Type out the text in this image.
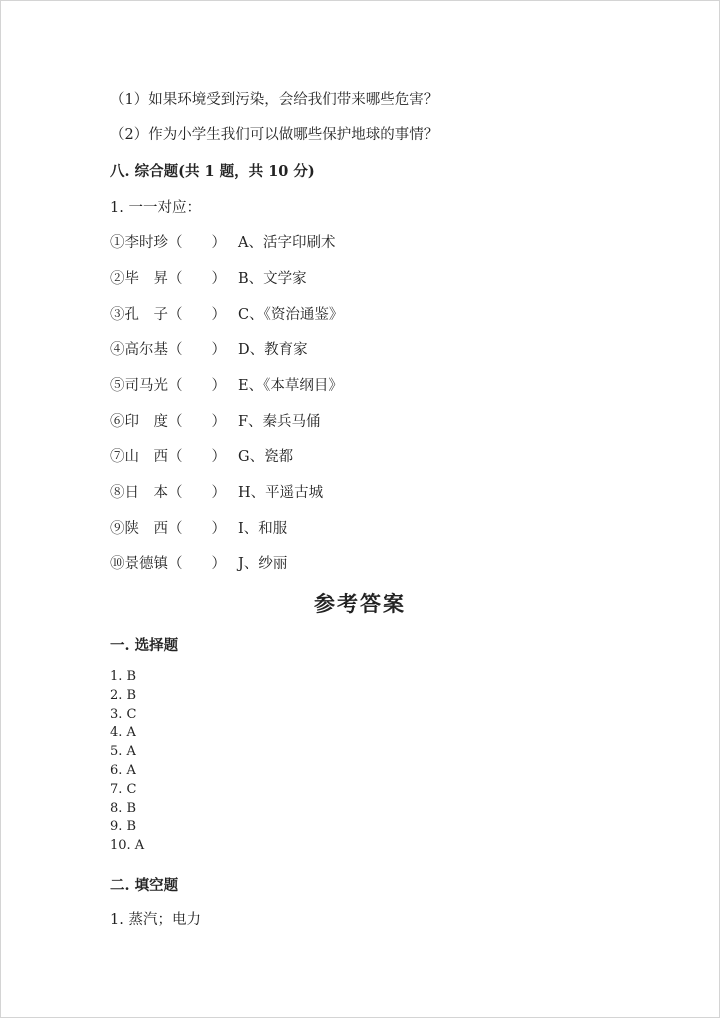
（1）如果环境受到污染，会给我们带来哪些危害？
（2）作为小学生我们可以做哪些保护地球的事情？
八. 综合题(共 1 题，共 10 分)
1. 一一对应：
①李时珍（　　） A、活字印刷术
②毕　昇（　　） B、文学家
③孔　子（　　） C、《资治通鉴》
④高尔基（　　） D、教育家
⑤司马光（　　） E、《本草纲目》
⑥印　度（　　） F、秦兵马俑
⑦山　西（　　） G、瓷都
⑧日　本（　　） H、平遥古城
⑨陕　西（　　） I、和服
⑩景德镇（　　） J、纱丽
参考答案
一. 选择题
1. B
2. B
3. C
4. A
5. A
6. A
7. C
8. B
9. B
10. A
二. 填空题
1. 蒸汽；电力
